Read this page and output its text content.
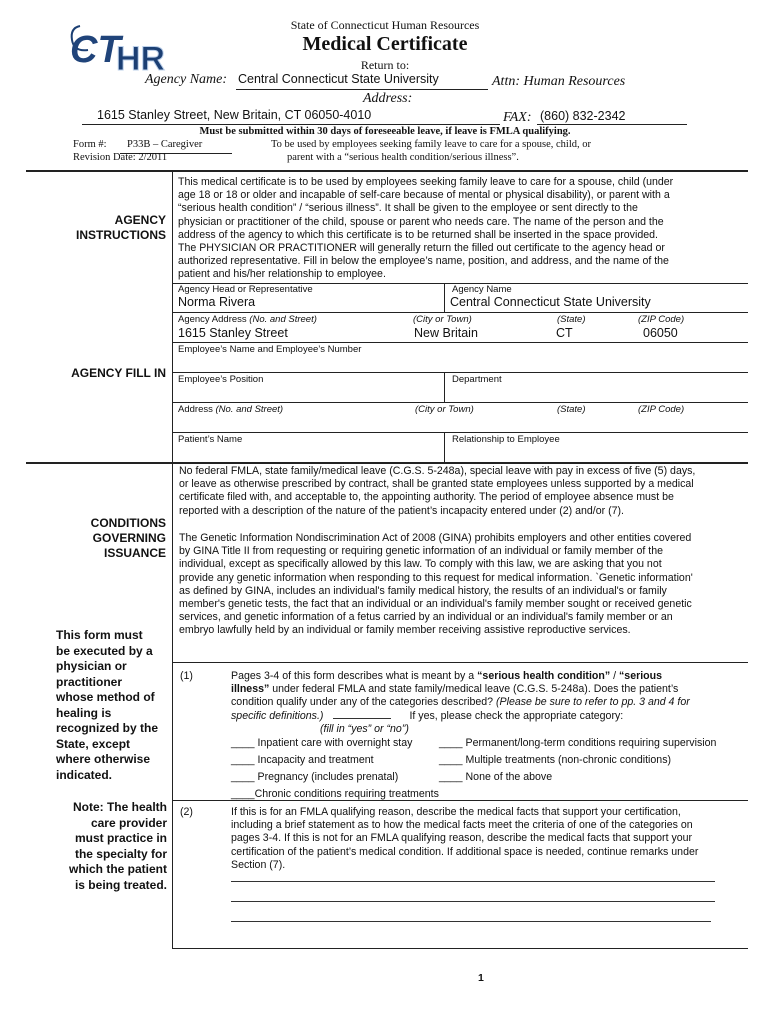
CT
HR
State of Connecticut Human Resources
Medical Certificate
Return to:
Agency Name: Central Connecticut State University	Attn: Human Resources
Address:
1615 Stanley Street, New Britain, CT 06050-4010	FAX: (860) 832-2342
Must be submitted within 30 days of foreseeable leave, if leave is FMLA qualifying.
Form #: P33B – Caregiver
Revision Date: 2/2011
To be used by employees seeking family leave to care for a spouse, child, or
parent with a “serious health condition/serious illness”.
AGENCY
INSTRUCTIONS
This medical certificate is to be used by employees seeking family leave to care for a spouse, child (under
age 18 or 18 or older and incapable of self-care because of mental or physical disability), or parent with a
“serious health condition” / “serious illness”. It shall be given to the employee or sent directly to the
physician or practitioner of the child, spouse or parent who needs care. The name of the person and the
address of the agency to which this certificate is to be returned shall be inserted in the space provided.
The PHYSICIAN OR PRACTITIONER will generally return the filled out certificate to the agency head or
authorized representative. Fill in below the employee’s name, position, and address, and the name of the
patient and his/her relationship to employee.
AGENCY FILL IN
Agency Head or Representative
Norma Rivera
Agency Name
Central Connecticut State University
Agency Address (No. and Street)	(City or Town)	(State)	(ZIP Code)
1615 Stanley Street	New Britain	CT	06050
Employee’s Name and Employee’s Number
Employee’s Position	Department
Address (No. and Street)	(City or Town)	(State)	(ZIP Code)
Patient’s Name	Relationship to Employee
CONDITIONS
GOVERNING
ISSUANCE
No federal FMLA, state family/medical leave (C.G.S. 5-248a), special leave with pay in excess of five (5) days,
or leave as otherwise prescribed by contract, shall be granted state employees unless supported by a medical
certificate filed with, and acceptable to, the appointing authority. The period of employee absence must be
reported with a description of the nature of the patient’s incapacity entered under (2) and/or (7).
The Genetic Information Nondiscrimination Act of 2008 (GINA) prohibits employers and other entities covered
by GINA Title II from requesting or requiring genetic information of an individual or family member of the
individual, except as specifically allowed by this law. To comply with this law, we are asking that you not
provide any genetic information when responding to this request for medical information. `Genetic information'
as defined by GINA, includes an individual's family medical history, the results of an individual's or family
member's genetic tests, the fact that an individual or an individual's family member sought or received genetic
services, and genetic information of a fetus carried by an individual or an individual's family member or an
embryo lawfully held by an individual or family member receiving assistive reproductive services.
This form must
be executed by a
physician or
practitioner
whose method of
healing is
recognized by the
State, except
where otherwise
indicated.
Note: The health
care provider
must practice in
the specialty for
which the patient
is being treated.
(1)	Pages 3-4 of this form describes what is meant by a “serious health condition” / “serious
illness” under federal FMLA and state family/medical leave (C.G.S. 5-248a). Does the patient’s
condition qualify under any of the categories described? (Please be sure to refer to pp. 3 and 4 for
specific definitions.)	If yes, please check the appropriate category:
(fill in “yes” or “no”)
____ Inpatient care with overnight stay
____ Incapacity and treatment
____ Pregnancy (includes prenatal)
____Chronic conditions requiring treatments
____ Permanent/long-term conditions requiring supervision
____ Multiple treatments (non-chronic conditions)
____ None of the above
(2)	If this is for an FMLA qualifying reason, describe the medical facts that support your certification,
including a brief statement as to how the medical facts meet the criteria of one of the categories on
pages 3-4. If this is not for an FMLA qualifying reason, describe the medical facts that support your
certification of the patient’s medical condition. If additional space is needed, continue remarks under
Section (7).
1
